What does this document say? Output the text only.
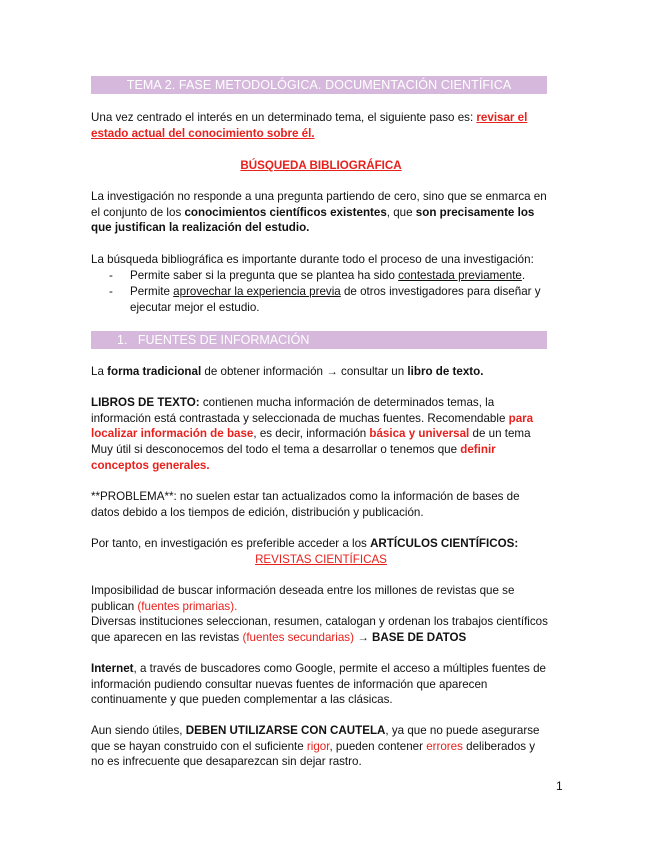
TEMA 2. FASE METODOLÓGICA. DOCUMENTACIÓN CIENTÍFICA
Una vez centrado el interés en un determinado tema, el siguiente paso es: revisar el estado actual del conocimiento sobre él.
BÚSQUEDA BIBLIOGRÁFICA
La investigación no responde a una pregunta partiendo de cero, sino que se enmarca en el conjunto de los conocimientos científicos existentes, que son precisamente los que justifican la realización del estudio.
La búsqueda bibliográfica es importante durante todo el proceso de una investigación:
- Permite saber si la pregunta que se plantea ha sido contestada previamente.
- Permite aprovechar la experiencia previa de otros investigadores para diseñar y ejecutar mejor el estudio.
1. FUENTES DE INFORMACIÓN
La forma tradicional de obtener información → consultar un libro de texto.
LIBROS DE TEXTO: contienen mucha información de determinados temas, la información está contrastada y seleccionada de muchas fuentes. Recomendable para localizar información de base, es decir, información básica y universal de un tema
Muy útil si desconocemos del todo el tema a desarrollar o tenemos que definir conceptos generales.
**PROBLEMA**: no suelen estar tan actualizados como la información de bases de datos debido a los tiempos de edición, distribución y publicación.
Por tanto, en investigación es preferible acceder a los ARTÍCULOS CIENTÍFICOS:
REVISTAS CIENTÍFICAS
Imposibilidad de buscar información deseada entre los millones de revistas que se publican (fuentes primarias).
Diversas instituciones seleccionan, resumen, catalogan y ordenan los trabajos científicos que aparecen en las revistas (fuentes secundarias) → BASE DE DATOS
Internet, a través de buscadores como Google, permite el acceso a múltiples fuentes de información pudiendo consultar nuevas fuentes de información que aparecen continuamente y que pueden complementar a las clásicas.
Aun siendo útiles, DEBEN UTILIZARSE CON CAUTELA, ya que no puede asegurarse que se hayan construido con el suficiente rigor, pueden contener errores deliberados y no es infrecuente que desaparezcan sin dejar rastro.
1
